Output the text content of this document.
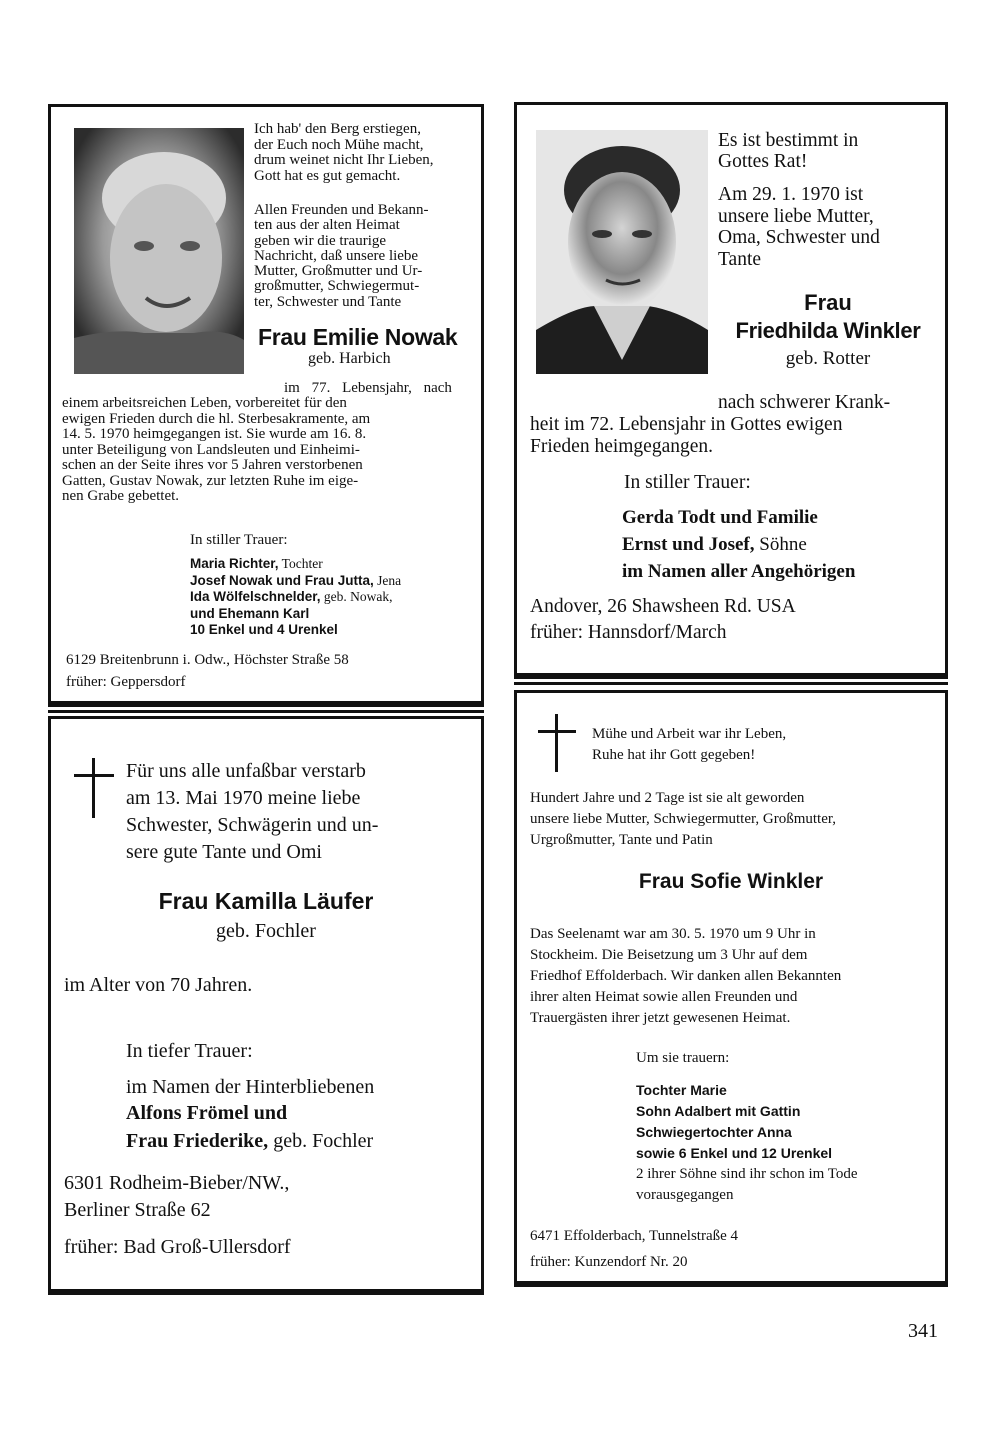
Ich hab' den Berg erstiegen,
der Euch noch Mühe macht,
drum weinet nicht Ihr Lieben,
Gott hat es gut gemacht.
Allen Freunden und Bekann-
ten aus der alten Heimat
geben wir die traurige
Nachricht, daß unsere liebe
Mutter, Großmutter und Ur-
großmutter, Schwiegermut-
ter, Schwester und Tante
Frau Emilie Nowak
geb. Harbich
im 77. Lebensjahr, nach
einem arbeitsreichen Leben, vorbereitet für den
ewigen Frieden durch die hl. Sterbesakramente, am
14. 5. 1970 heimgegangen ist. Sie wurde am 16. 8.
unter Beteiligung von Landsleuten und Einheimi-
schen an der Seite ihres vor 5 Jahren verstorbenen
Gatten, Gustav Nowak, zur letzten Ruhe im eige-
nen Grabe gebettet.
In stiller Trauer:
Maria Richter, Tochter
Josef Nowak und Frau Jutta, Jena
Ida Wölfelschnelder, geb. Nowak,
und Ehemann Karl
10 Enkel und 4 Urenkel
6129 Breitenbrunn i. Odw., Höchster Straße 58
früher: Geppersdorf
Es ist bestimmt in
Gottes Rat!
Am 29. 1. 1970 ist
unsere liebe Mutter,
Oma, Schwester und
Tante
Frau
Friedhilda Winkler
geb. Rotter
nach schwerer Krank-
heit im 72. Lebensjahr in Gottes ewigen
Frieden heimgegangen.
In stiller Trauer:
Gerda Todt und Familie
Ernst und Josef, Söhne
im Namen aller Angehörigen
Andover, 26 Shawsheen Rd. USA
früher: Hannsdorf/March
Für uns alle unfaßbar verstarb
am 13. Mai 1970 meine liebe
Schwester, Schwägerin und un-
sere gute Tante und Omi
Frau Kamilla Läufer
geb. Fochler
im Alter von 70 Jahren.
In tiefer Trauer:
im Namen der Hinterbliebenen
Alfons Frömel und
Frau Friederike, geb. Fochler
6301 Rodheim-Bieber/NW.,
Berliner Straße 62
früher: Bad Groß-Ullersdorf
Mühe und Arbeit war ihr Leben,
Ruhe hat ihr Gott gegeben!
Hundert Jahre und 2 Tage ist sie alt geworden
unsere liebe Mutter, Schwiegermutter, Großmutter,
Urgroßmutter, Tante und Patin
Frau Sofie Winkler
Das Seelenamt war am 30. 5. 1970 um 9 Uhr in
Stockheim. Die Beisetzung um 3 Uhr auf dem
Friedhof Effolderbach. Wir danken allen Bekannten
ihrer alten Heimat sowie allen Freunden und
Trauergästen ihrer jetzt gewesenen Heimat.
Um sie trauern:
Tochter Marie
Sohn Adalbert mit Gattin
Schwiegertochter Anna
sowie 6 Enkel und 12 Urenkel
2 ihrer Söhne sind ihr schon im Tode
vorausgegangen
6471 Effolderbach, Tunnelstraße 4
früher: Kunzendorf Nr. 20
341
